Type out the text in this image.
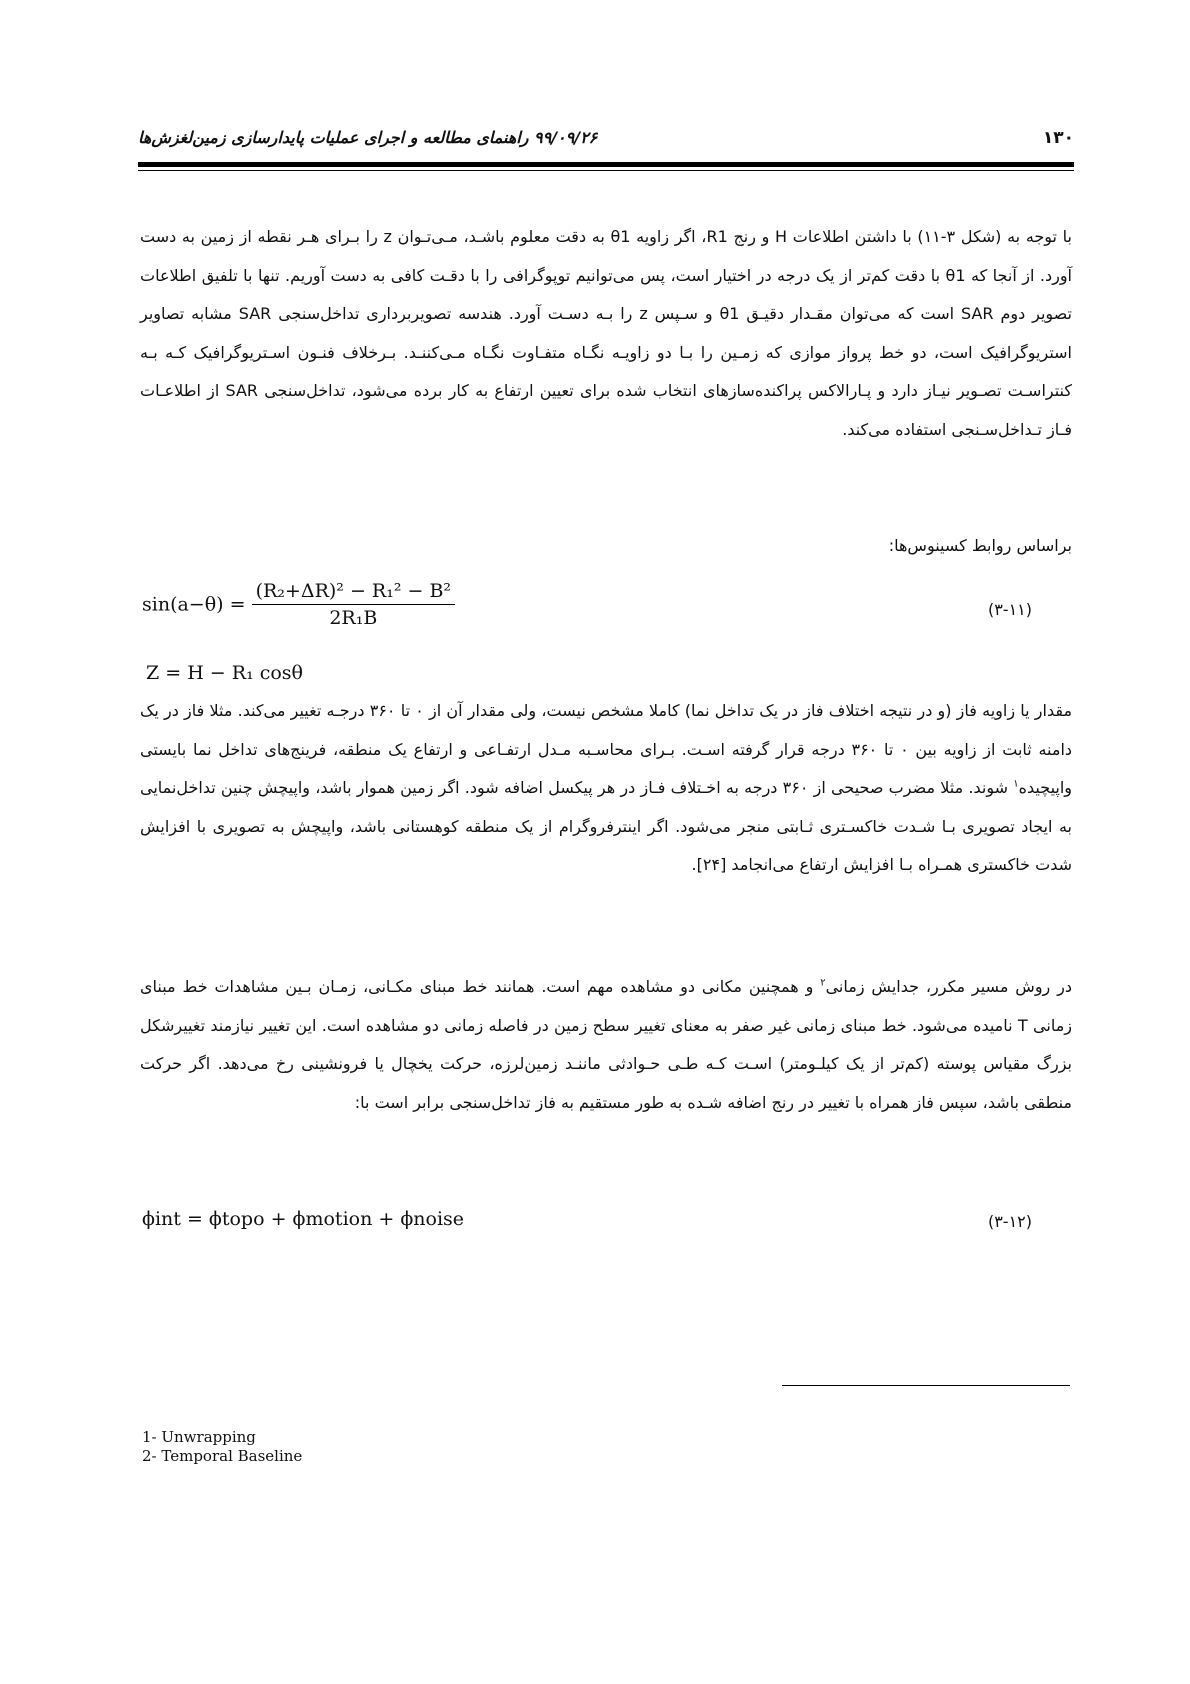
۱۳۰
۹۹/۰۹/۲۶ راهنمای مطالعه و اجرای عملیات پایدارسازی زمین‌لغزش‌ها

با توجه به (شکل ۳-۱۱) با داشتن اطلاعات H و رنج R1، اگر زاویه θ1 به دقت معلوم باشـد، مـی‌تـوان z را بـرای هـر نقطه از زمین به دست آورد. از آنجا که θ1 با دقت کم‌تر از یک درجه در اختیار است، پس می‌توانیم توپوگرافی را با دقـت کافی به دست آوریم. تنها با تلفیق اطلاعات تصویر دوم SAR است که می‌توان مقـدار دقیـق θ1 و سـپس z را بـه دسـت آورد. هندسه تصویربرداری تداخل‌سنجی SAR مشابه تصاویر استریوگرافیک است، دو خط پرواز موازی که زمـین را بـا دو زاویـه نگـاه متفـاوت نگـاه مـی‌کننـد. بـرخلاف فنـون اسـتریوگرافیک کـه بـه کنتراسـت تصـویر نیـاز دارد و پـارالاکس پراکنده‌سازهای انتخاب شده برای تعیین ارتفاع به کار برده می‌شود، تداخل‌سنجی SAR از اطلاعـات فـاز تـداخل‌سـنجی استفاده می‌کند.

براساس روابط کسینوس‌ها:

$\sin(a-\theta) = \frac{\text{(R₂+ΔR)² − R₁² − B²}}{\text{2R₁B}}$	(۳-۱۱)
Z = H − R₁ cosθ

مقدار یا زاویه فاز (و در نتیجه اختلاف فاز در یک تداخل نما) کاملا مشخص نیست، ولی مقدار آن از ۰ تا ۳۶۰ درجـه تغییر می‌کند. مثلا فاز در یک دامنه ثابت از زاویه بین ۰ تا ۳۶۰ درجه قرار گرفته اسـت. بـرای محاسـبه مـدل ارتفـاعی و ارتفاع یک منطقه، فرینج‌های تداخل نما بایستی واپیچیده$^۱$ شوند. مثلا مضرب صحیحی از ۳۶۰ درجه به اخـتلاف فـاز در هر پیکسل اضافه شود. اگر زمین هموار باشد، واپیچش چنین تداخل‌نمایی به ایجاد تصویری بـا شـدت خاکسـتری ثـابتی منجر می‌شود. اگر اینترفروگرام از یک منطقه کوهستانی باشد، واپیچش به تصویری با افزایش شدت خاکستری همـراه بـا افزایش ارتفاع می‌انجامد [۲۴].

در روش مسیر مکرر، جدایش زمانی$^۲$ و همچنین مکانی دو مشاهده مهم است. همانند خط مبنای مکـانی، زمـان بـین مشاهدات خط مبنای زمانی T نامیده می‌شود. خط مبنای زمانی غیر صفر به معنای تغییر سطح زمین در فاصله زمانی دو مشاهده است. این تغییر نیازمند تغییرشکل بزرگ مقیاس پوسته (کم‌تر از یک کیلـومتر) اسـت کـه طـی حـوادثی ماننـد زمین‌لرزه، حرکت یخچال یا فرونشینی رخ می‌دهد. اگر حرکت منطقی باشد، سپس فاز همراه با تغییر در رنج اضافه شـده به طور مستقیم به فاز تداخل‌سنجی برابر است با:

ϕint = ϕtopo + ϕmotion + ϕnoise	(۳-۱۲)
1- Unwrapping
2- Temporal Baseline
